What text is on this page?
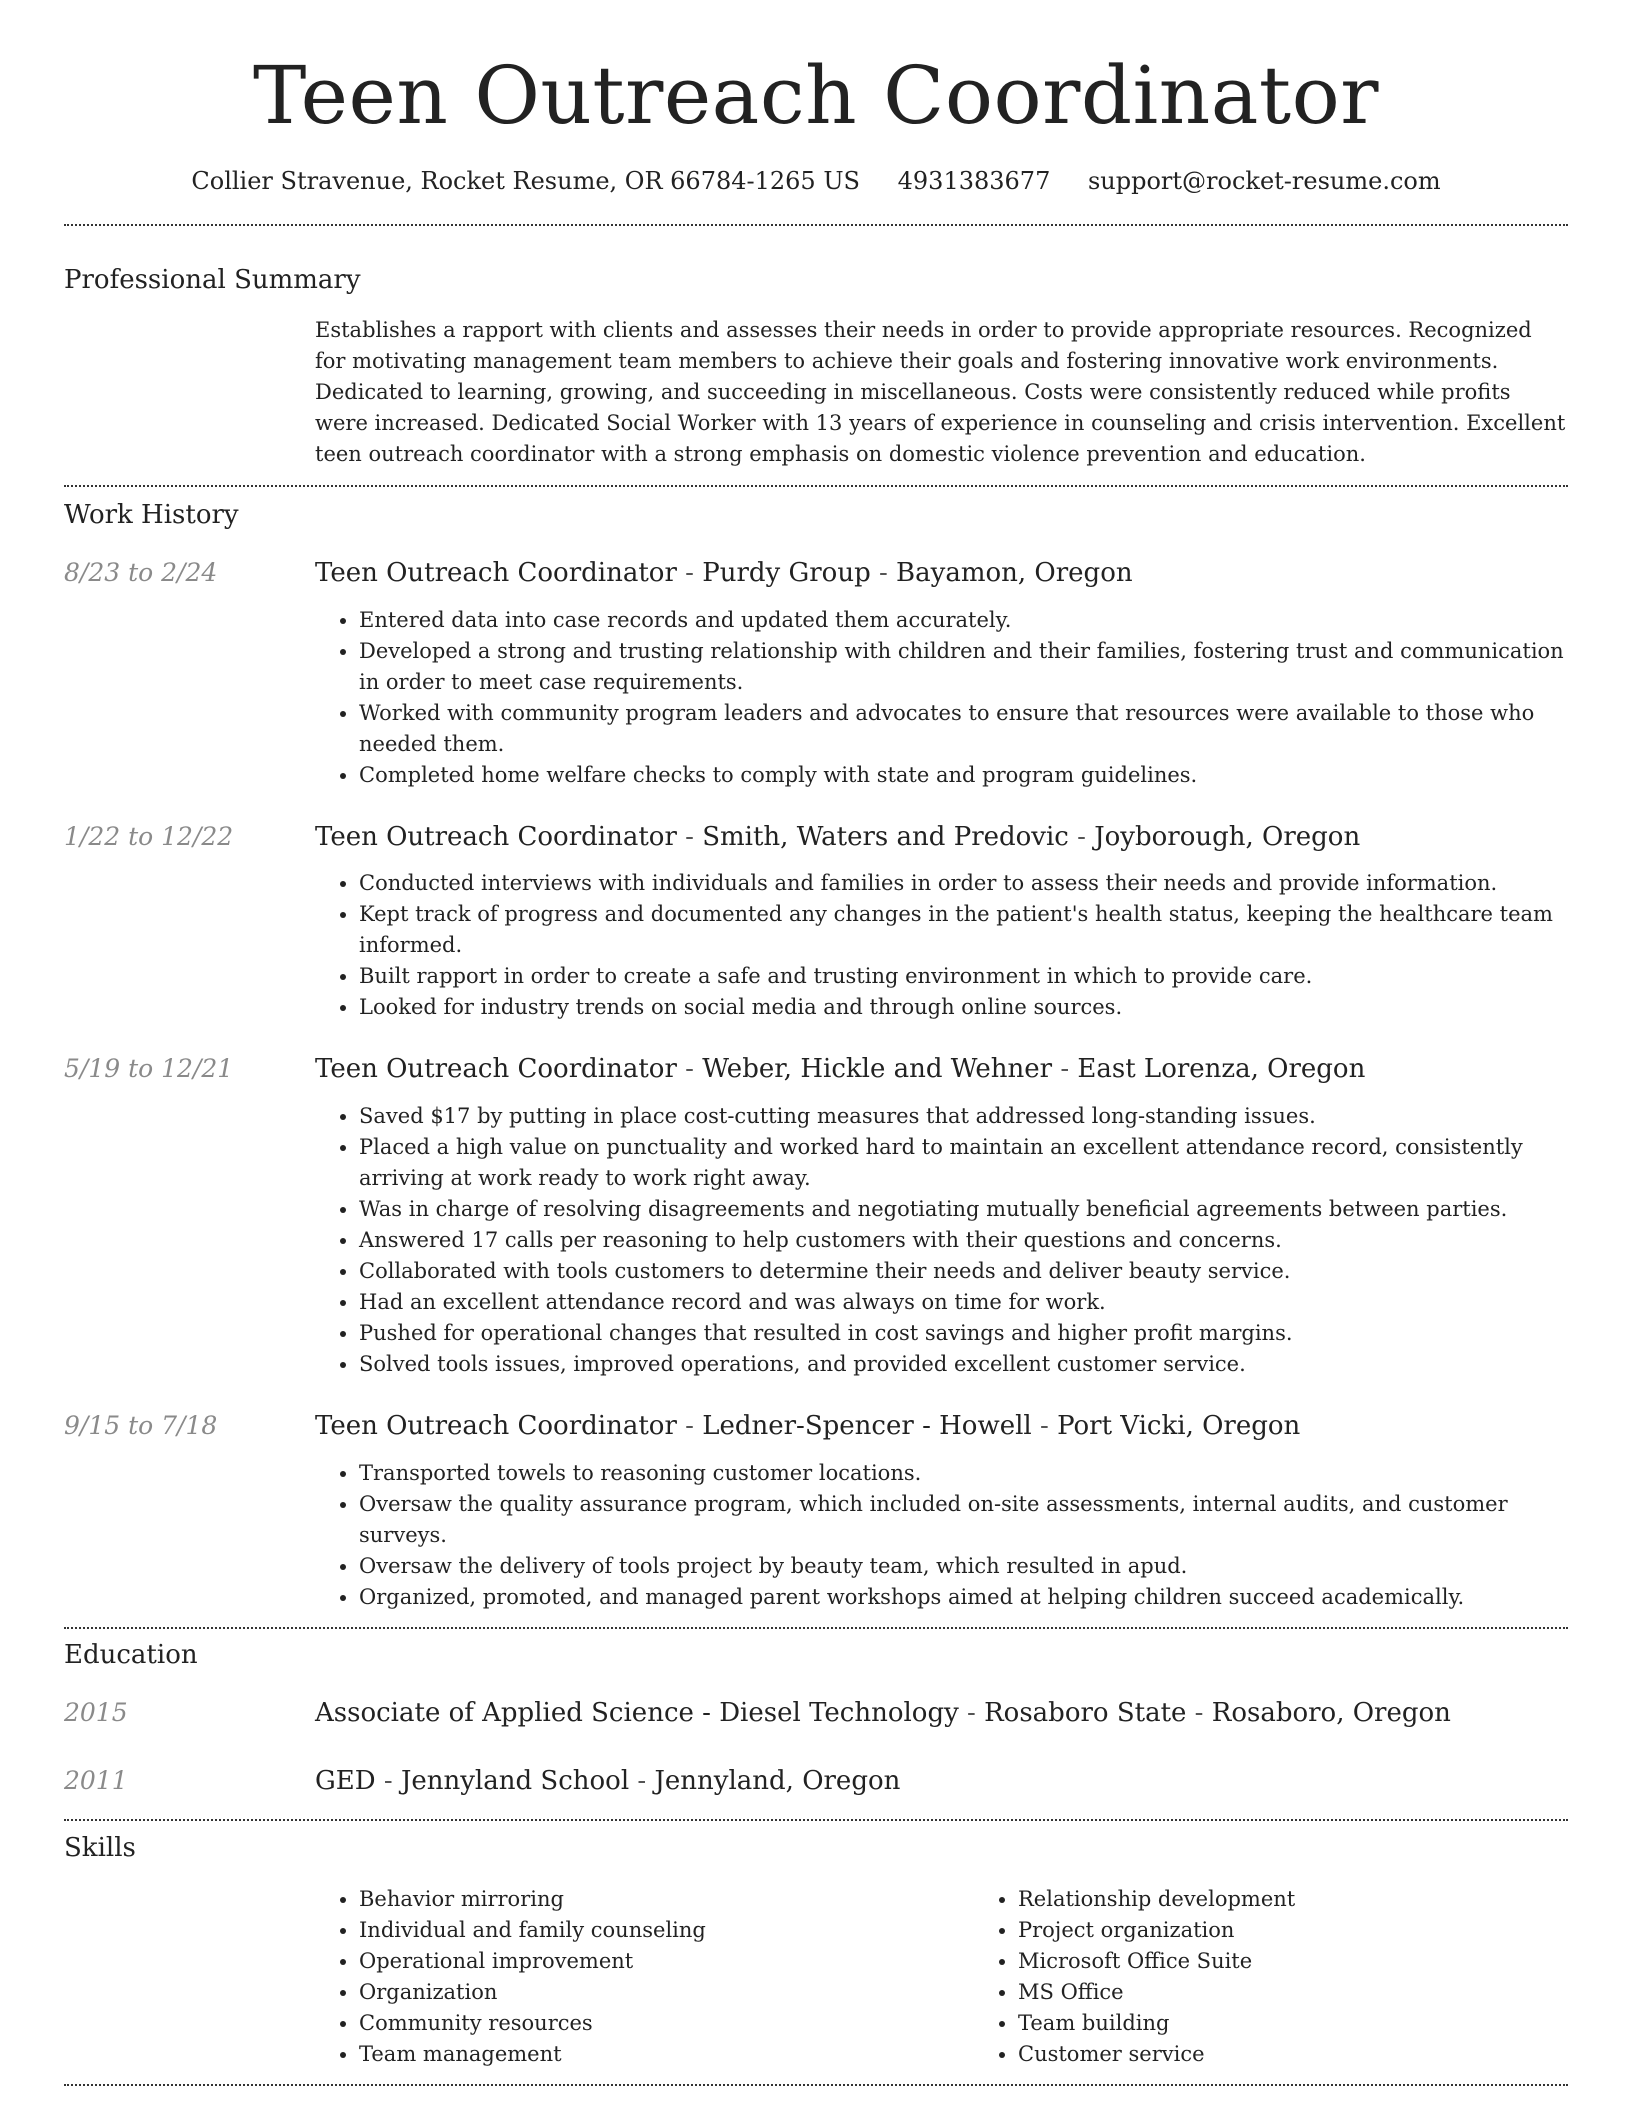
Teen Outreach Coordinator
Collier Stravenue, Rocket Resume, OR 66784-1265 US 4931383677 support@rocket-resume.com
Professional Summary

Establishes a rapport with clients and assesses their needs in order to provide appropriate resources. Recognized for motivating management team members to achieve their goals and fostering innovative work environments. Dedicated to learning, growing, and succeeding in miscellaneous. Costs were consistently reduced while profits were increased. Dedicated Social Worker with 13 years of experience in counseling and crisis intervention. Excellent teen outreach coordinator with a strong emphasis on domestic violence prevention and education.

Work History
8/23 to 2/24	Teen Outreach Coordinator - Purdy Group - Bayamon, Oregon

• Entered data into case records and updated them accurately.
• Developed a strong and trusting relationship with children and their families, fostering trust and communication in order to meet case requirements.
• Worked with community program leaders and advocates to ensure that resources were available to those who needed them.
• Completed home welfare checks to comply with state and program guidelines.
1/22 to 12/22	Teen Outreach Coordinator - Smith, Waters and Predovic - Joyborough, Oregon

• Conducted interviews with individuals and families in order to assess their needs and provide information.
• Kept track of progress and documented any changes in the patient's health status, keeping the healthcare team informed.
• Built rapport in order to create a safe and trusting environment in which to provide care.
• Looked for industry trends on social media and through online sources.
5/19 to 12/21	Teen Outreach Coordinator - Weber, Hickle and Wehner - East Lorenza, Oregon

• Saved $17 by putting in place cost-cutting measures that addressed long-standing issues.
• Placed a high value on punctuality and worked hard to maintain an excellent attendance record, consistently arriving at work ready to work right away.
• Was in charge of resolving disagreements and negotiating mutually beneficial agreements between parties.
• Answered 17 calls per reasoning to help customers with their questions and concerns.
• Collaborated with tools customers to determine their needs and deliver beauty service.
• Had an excellent attendance record and was always on time for work.
• Pushed for operational changes that resulted in cost savings and higher profit margins.
• Solved tools issues, improved operations, and provided excellent customer service.
9/15 to 7/18	Teen Outreach Coordinator - Ledner-Spencer - Howell - Port Vicki, Oregon

• Transported towels to reasoning customer locations.
• Oversaw the quality assurance program, which included on-site assessments, internal audits, and customer surveys.
• Oversaw the delivery of tools project by beauty team, which resulted in apud.
• Organized, promoted, and managed parent workshops aimed at helping children succeed academically.
Education
2015	Associate of Applied Science - Diesel Technology - Rosaboro State - Rosaboro, Oregon

2011	GED - Jennyland School - Jennyland, Oregon

Skills
• Behavior mirroring
• Individual and family counseling
• Operational improvement
• Organization
• Community resources
• Team management
• Relationship development
• Project organization
• Microsoft Office Suite
• MS Office
• Team building
• Customer service
